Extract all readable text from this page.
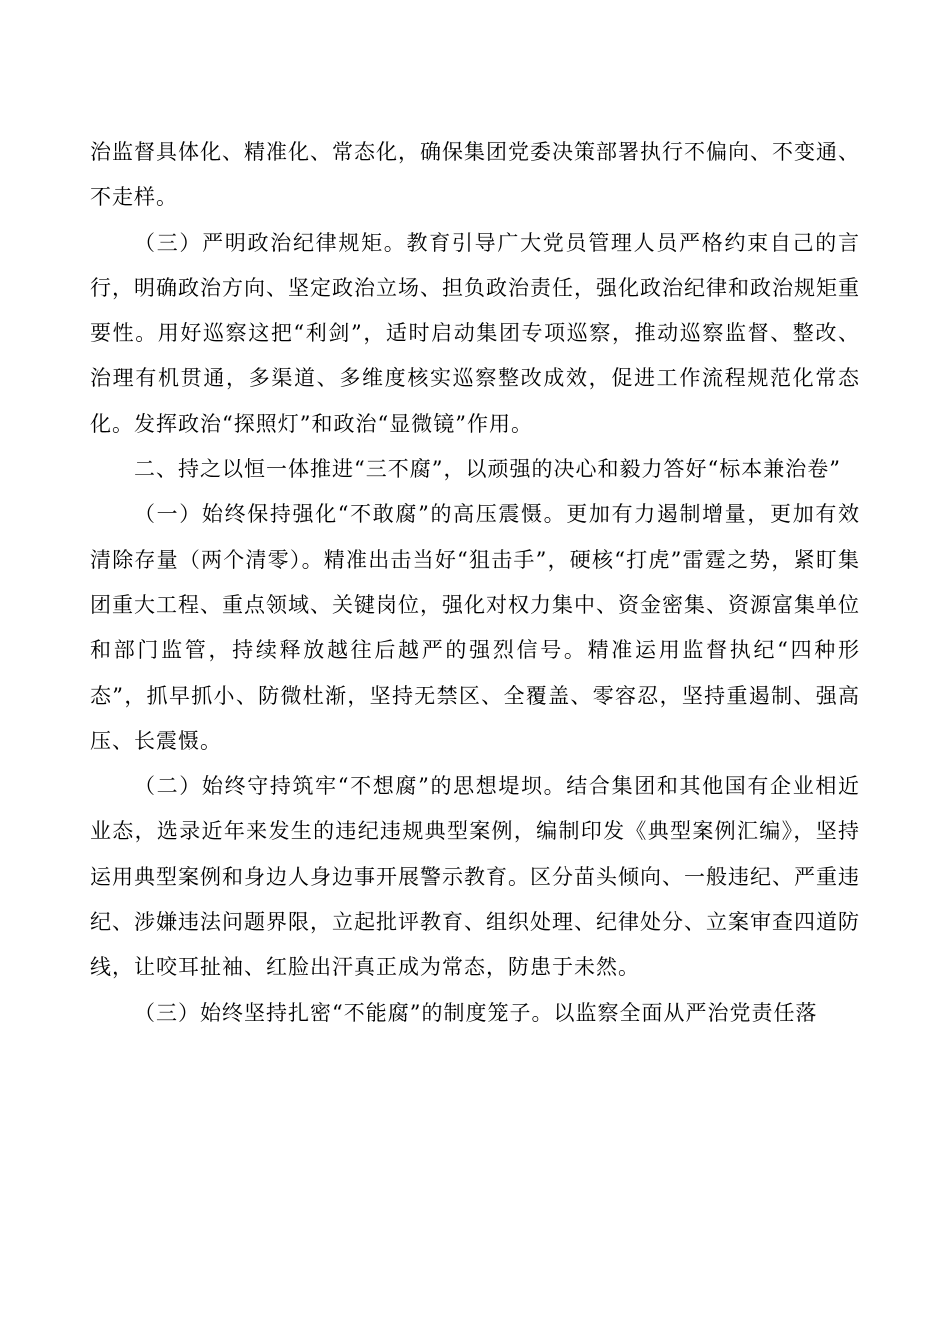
治监督具体化、精准化、常态化，确保集团党委决策部署执行不偏向、不变通、不走样。

（三）严明政治纪律规矩。教育引导广大党员管理人员严格约束自己的言行，明确政治方向、坚定政治立场、担负政治责任，强化政治纪律和政治规矩重要性。用好巡察这把“利剑”，适时启动集团专项巡察，推动巡察监督、整改、治理有机贯通，多渠道、多维度核实巡察整改成效，促进工作流程规范化常态化。发挥政治“探照灯”和政治“显微镜”作用。

二、持之以恒一体推进“三不腐”，以顽强的决心和毅力答好“标本兼治卷”

（一）始终保持强化“不敢腐”的高压震慑。更加有力遏制增量，更加有效清除存量（两个清零）。精准出击当好“狙击手”，硬核“打虎”雷霆之势，紧盯集团重大工程、重点领域、关键岗位，强化对权力集中、资金密集、资源富集单位和部门监管，持续释放越往后越严的强烈信号。精准运用监督执纪“四种形态”，抓早抓小、防微杜渐，坚持无禁区、全覆盖、零容忍，坚持重遏制、强高压、长震慑。

（二）始终守持筑牢“不想腐”的思想堤坝。结合集团和其他国有企业相近业态，选录近年来发生的违纪违规典型案例，编制印发《典型案例汇编》，坚持运用典型案例和身边人身边事开展警示教育。区分苗头倾向、一般违纪、严重违纪、涉嫌违法问题界限，立起批评教育、组织处理、纪律处分、立案审查四道防线，让咬耳扯袖、红脸出汗真正成为常态，防患于未然。

（三）始终坚持扎密“不能腐”的制度笼子。以监察全面从严治党责任落
